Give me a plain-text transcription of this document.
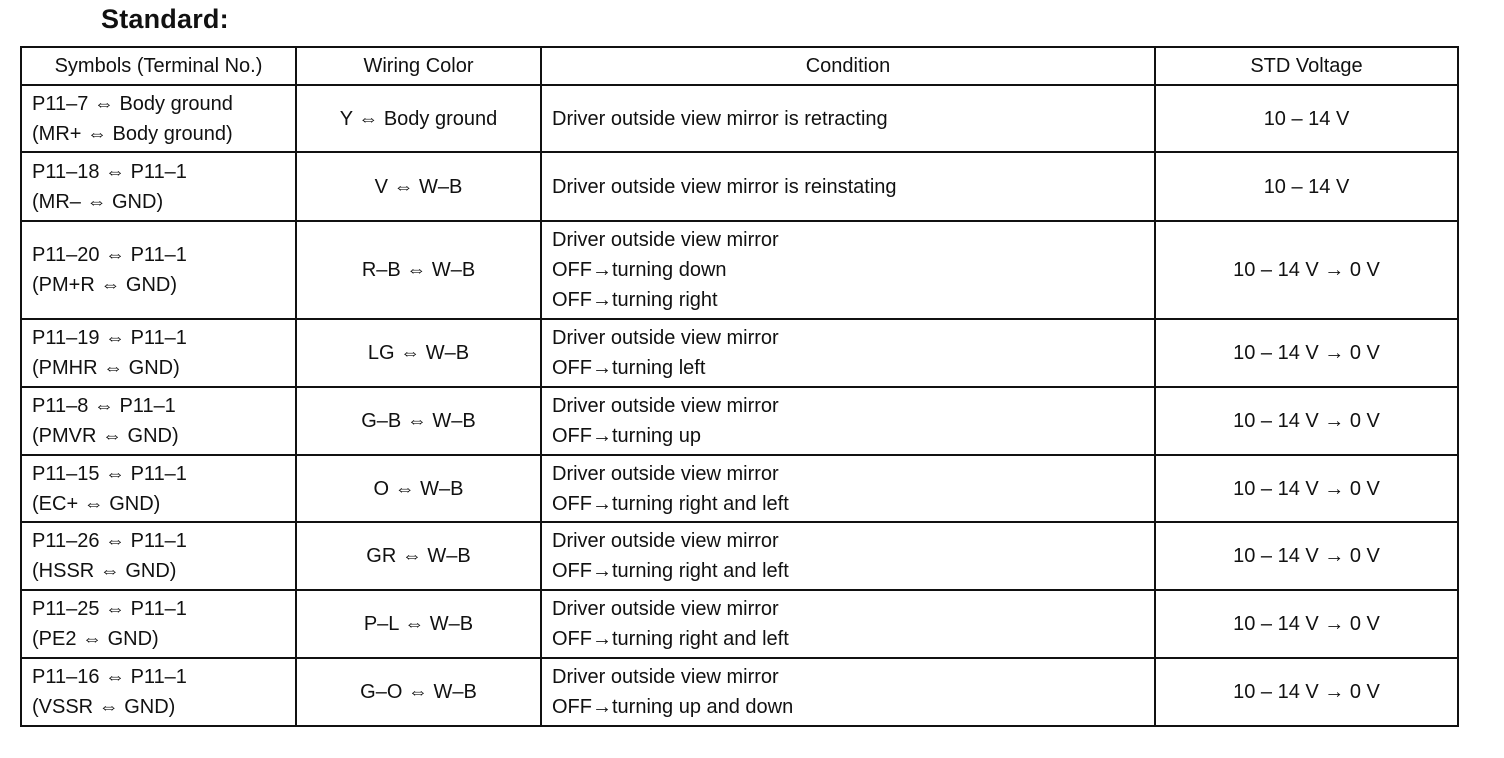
Standard:
Symbols (Terminal No.)	Wiring Color	Condition	STD Voltage

P11–7 ⇔ Body ground
(MR+ ⇔ Body ground)	Y ⇔ Body ground	Driver outside view mirror is retracting	10 – 14 V

P11–18 ⇔ P11–1
(MR– ⇔ GND)	V ⇔ W–B	Driver outside view mirror is reinstating	10 – 14 V

P11–20 ⇔ P11–1
(PM+R ⇔ GND)	R–B ⇔ W–B	Driver outside view mirror
OFF→turning down
OFF→turning right	10 – 14 V → 0 V

P11–19 ⇔ P11–1
(PMHR ⇔ GND)	LG ⇔ W–B	Driver outside view mirror
OFF→turning left	10 – 14 V → 0 V

P11–8 ⇔ P11–1
(PMVR ⇔ GND)	G–B ⇔ W–B	Driver outside view mirror
OFF→turning up	10 – 14 V → 0 V

P11–15 ⇔ P11–1
(EC+ ⇔ GND)	O ⇔ W–B	Driver outside view mirror
OFF→turning right and left	10 – 14 V → 0 V

P11–26 ⇔ P11–1
(HSSR ⇔ GND)	GR ⇔ W–B	Driver outside view mirror
OFF→turning right and left	10 – 14 V → 0 V

P11–25 ⇔ P11–1
(PE2 ⇔ GND)	P–L ⇔ W–B	Driver outside view mirror
OFF→turning right and left	10 – 14 V → 0 V

P11–16 ⇔ P11–1
(VSSR ⇔ GND)	G–O ⇔ W–B	Driver outside view mirror
OFF→turning up and down	10 – 14 V → 0 V
